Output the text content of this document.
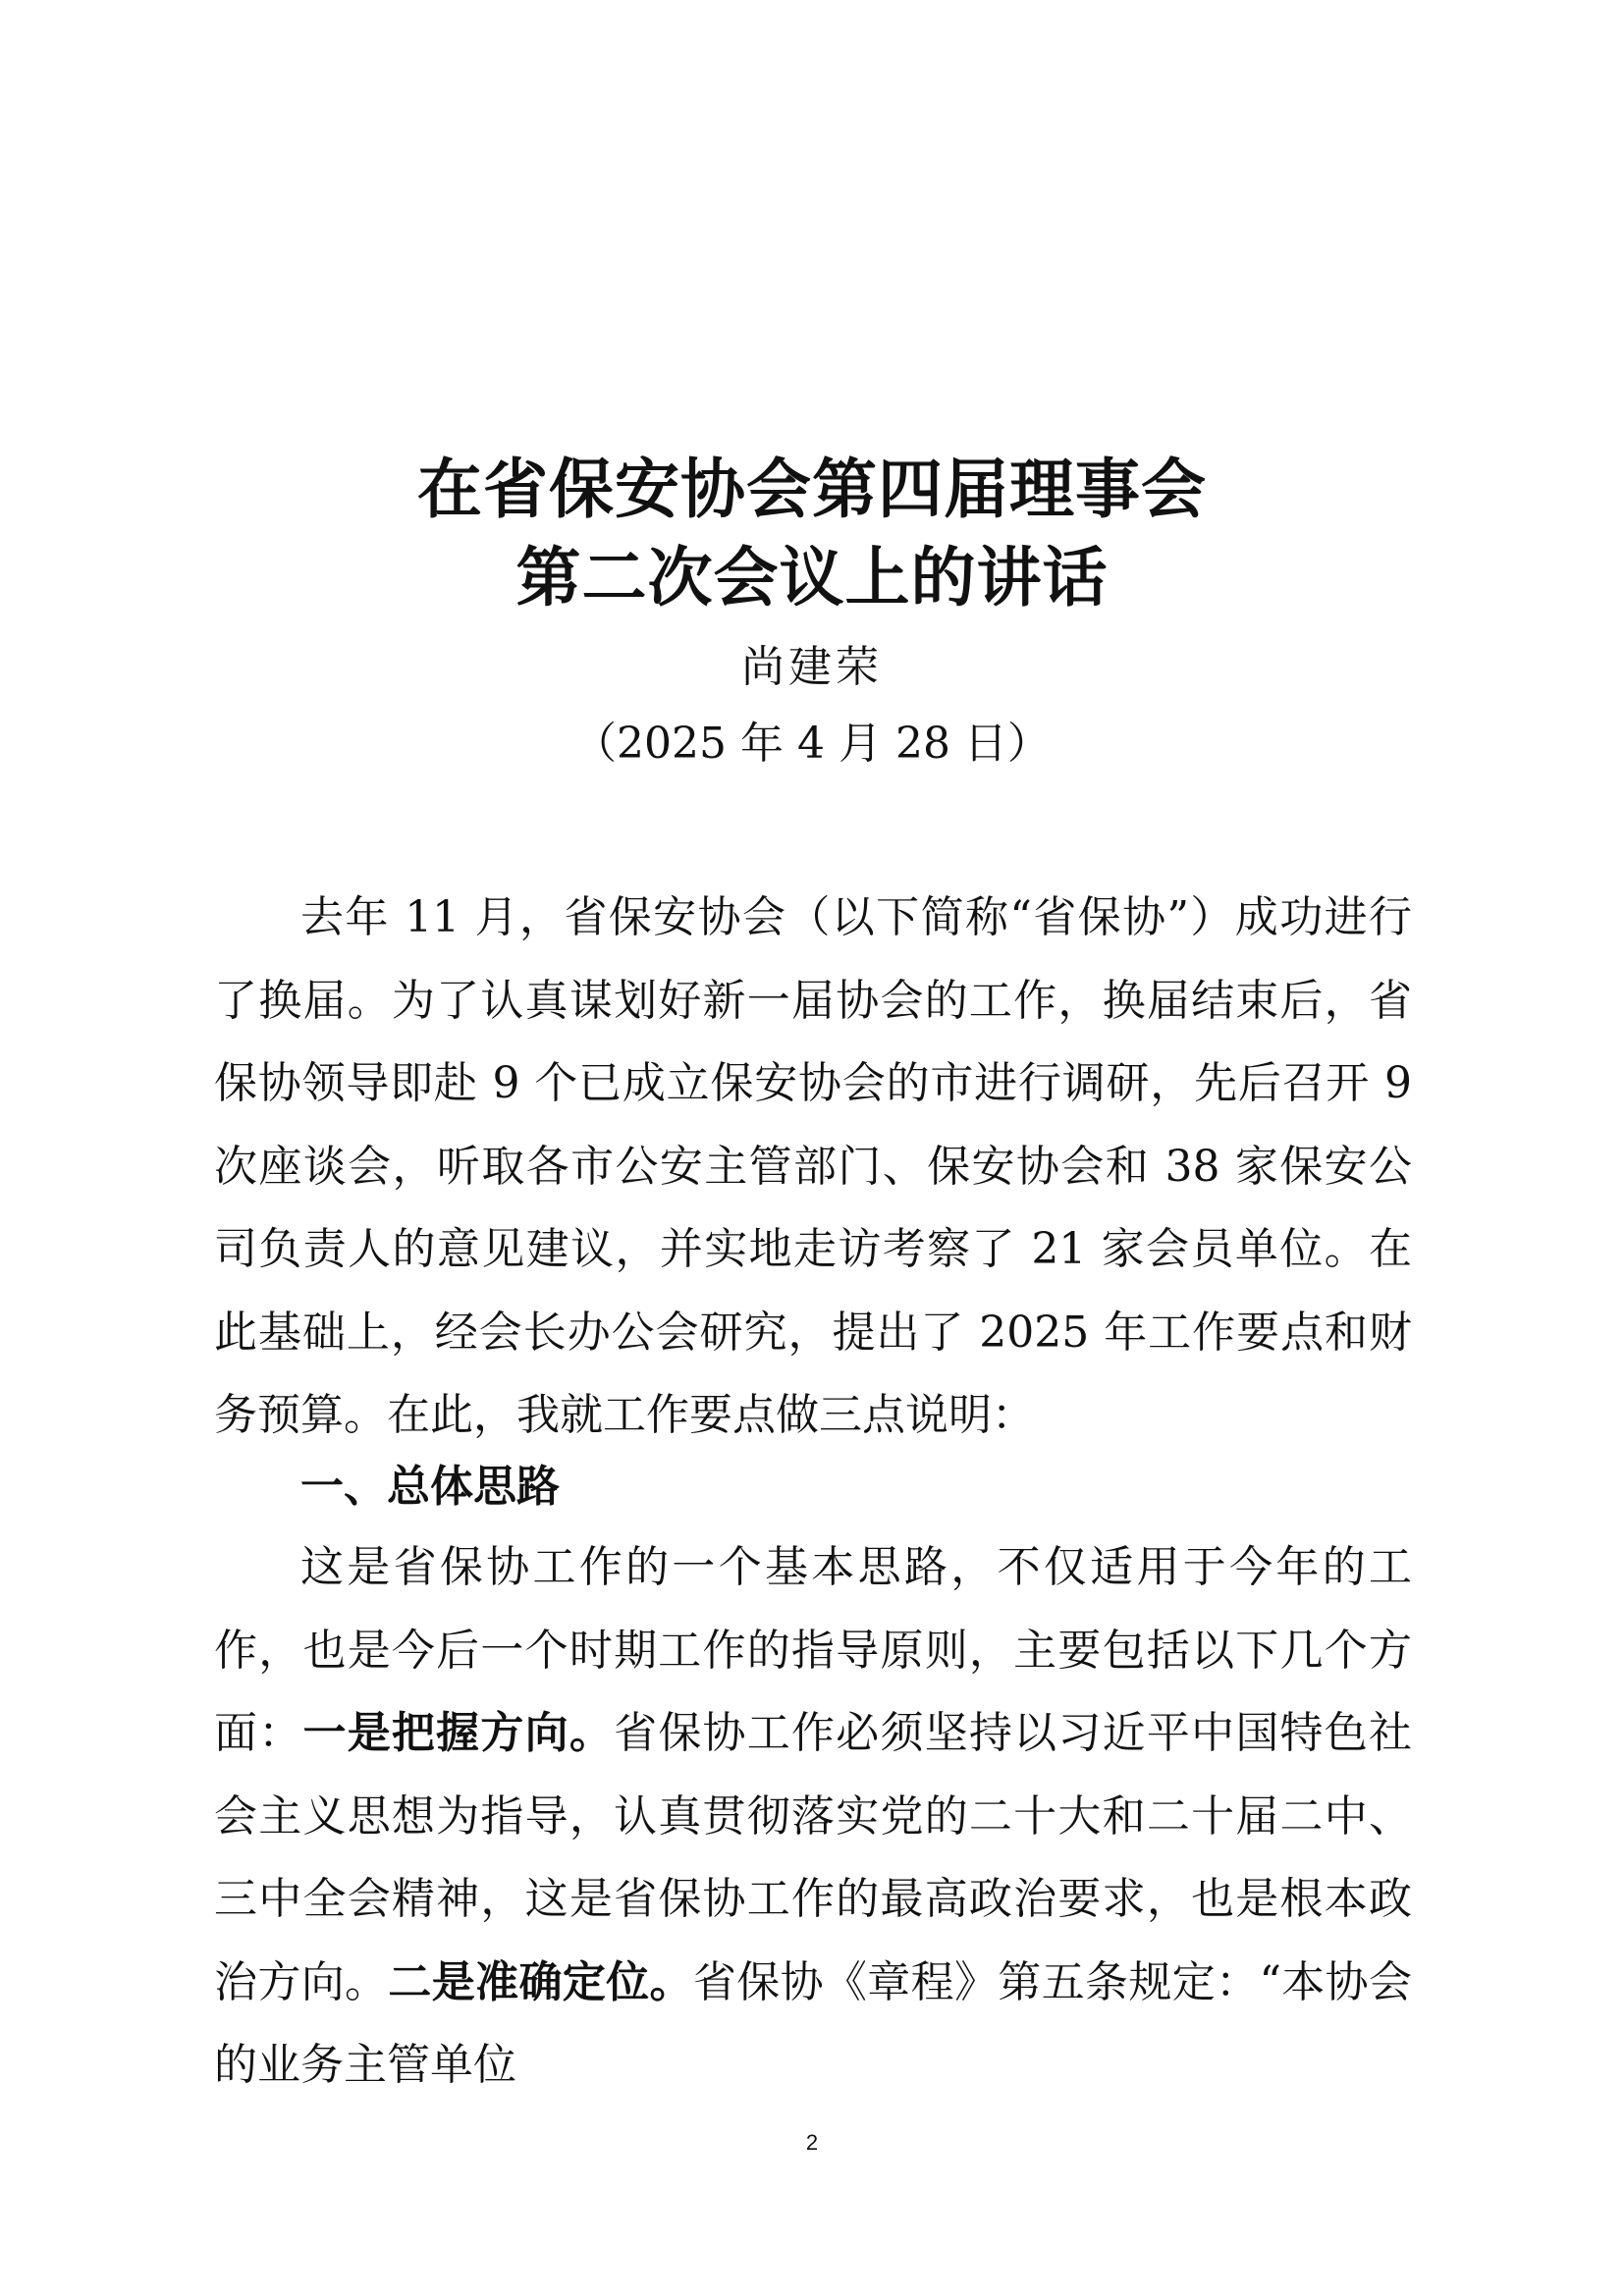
在省保安协会第四届理事会
第二次会议上的讲话
尚建荣
（2025 年 4 月 28 日）

去年 11 月，省保安协会（以下简称“省保协”）成功进行了换届。为了认真谋划好新一届协会的工作，换届结束后，省保协领导即赴 9 个已成立保安协会的市进行调研，先后召开 9 次座谈会，听取各市公安主管部门、保安协会和 38 家保安公司负责人的意见建议，并实地走访考察了 21 家会员单位。在此基础上，经会长办公会研究，提出了 2025 年工作要点和财务预算。在此，我就工作要点做三点说明：

一、总体思路

这是省保协工作的一个基本思路，不仅适用于今年的工作，也是今后一个时期工作的指导原则，主要包括以下几个方面：一是把握方向。省保协工作必须坚持以习近平中国特色社会主义思想为指导，认真贯彻落实党的二十大和二十届二中、三中全会精神，这是省保协工作的最高政治要求，也是根本政治方向。二是准确定位。省保协《章程》第五条规定：“本协会的业务主管单位

2
